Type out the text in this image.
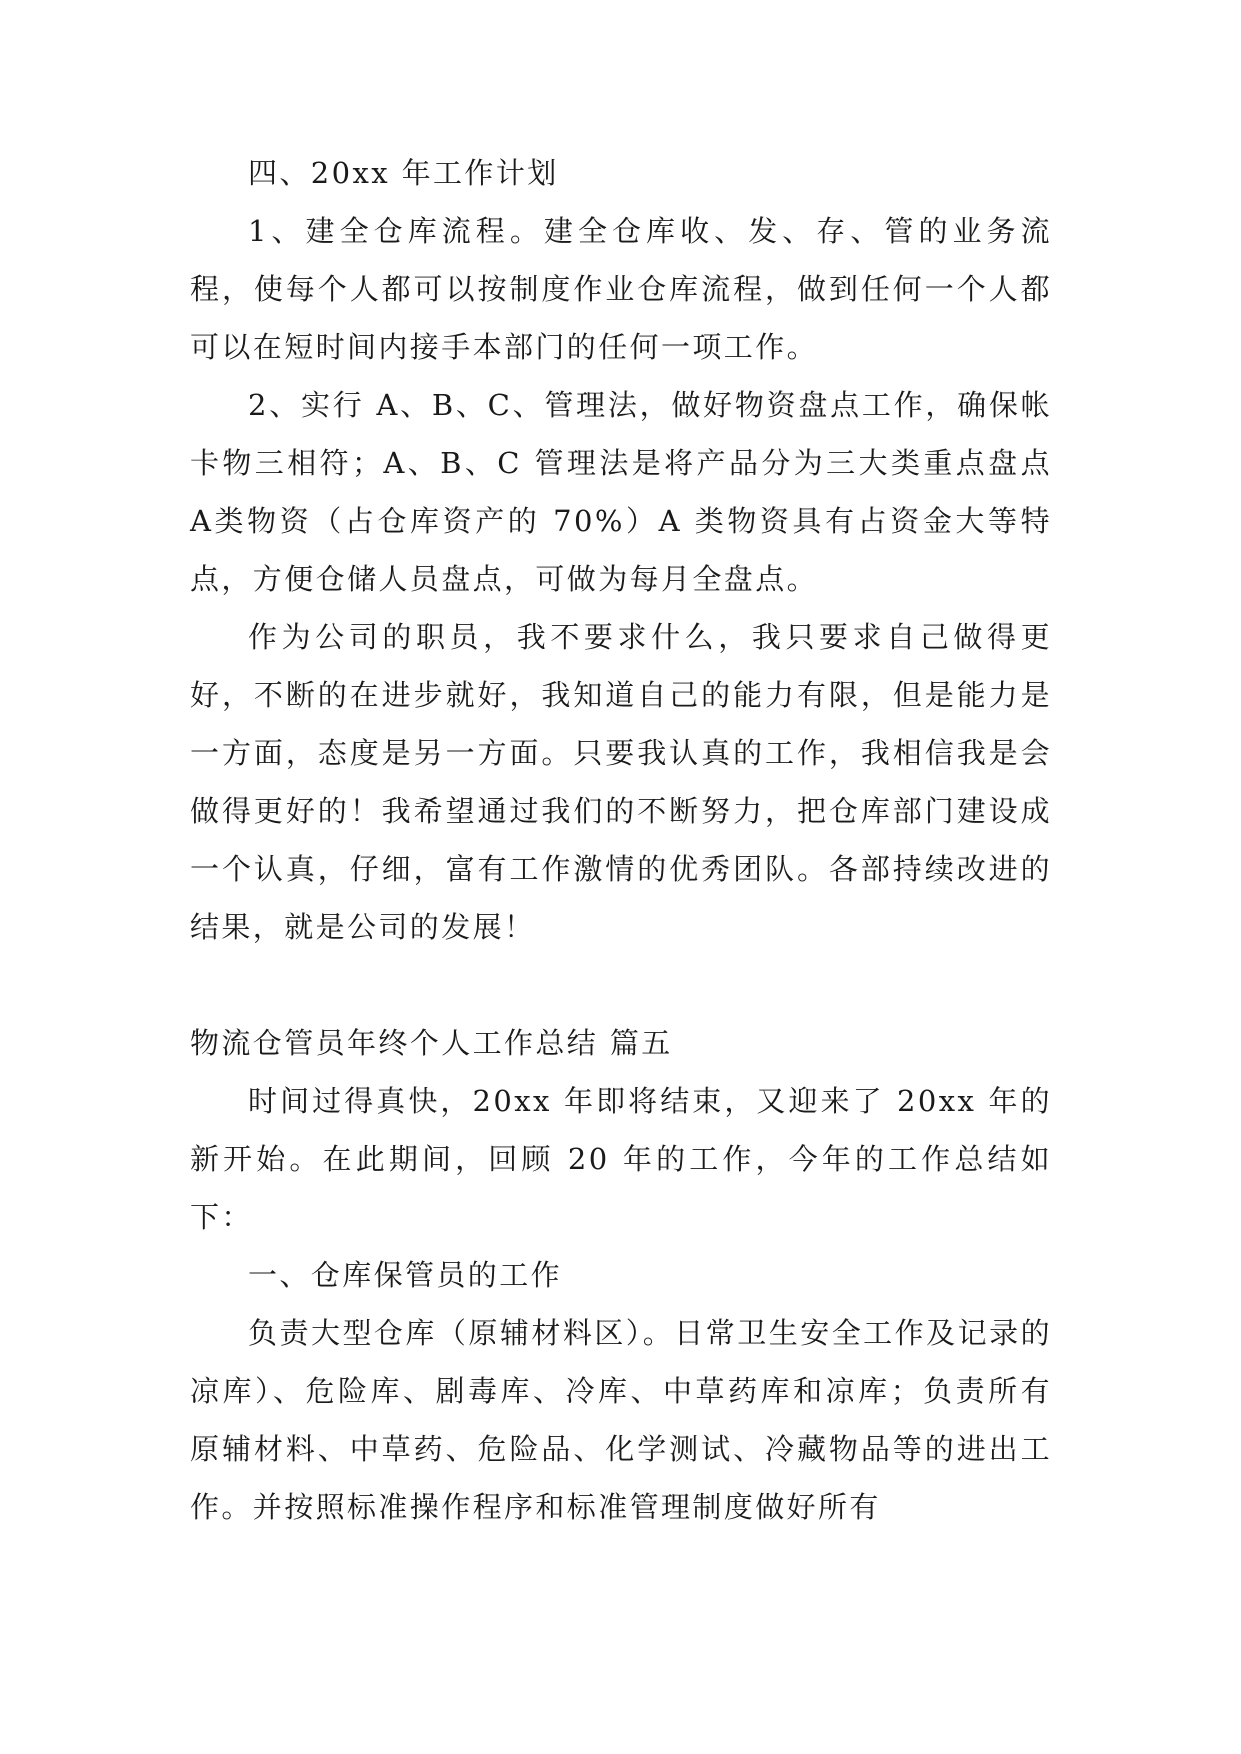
四、20xx 年工作计划

1、建全仓库流程。建全仓库收、发、存、管的业务流程，使每个人都可以按制度作业仓库流程，做到任何一个人都可以在短时间内接手本部门的任何一项工作。

2、实行 A、B、C、管理法，做好物资盘点工作，确保帐卡物三相符；A、B、C 管理法是将产品分为三大类重点盘点 A类物资（占仓库资产的 70%）A 类物资具有占资金大等特点，方便仓储人员盘点，可做为每月全盘点。

作为公司的职员，我不要求什么，我只要求自己做得更好，不断的在进步就好，我知道自己的能力有限，但是能力是一方面，态度是另一方面。只要我认真的工作，我相信我是会做得更好的！我希望通过我们的不断努力，把仓库部门建设成一个认真，仔细，富有工作激情的优秀团队。各部持续改进的结果，就是公司的发展！

物流仓管员年终个人工作总结 篇五

时间过得真快，20xx 年即将结束，又迎来了 20xx 年的新开始。在此期间，回顾 20 年的工作，今年的工作总结如下：

一、仓库保管员的工作

负责大型仓库（原辅材料区）。日常卫生安全工作及记录的凉库）、危险库、剧毒库、冷库、中草药库和凉库；负责所有原辅材料、中草药、危险品、化学测试、冷藏物品等的进出工作。并按照标准操作程序和标准管理制度做好所有
